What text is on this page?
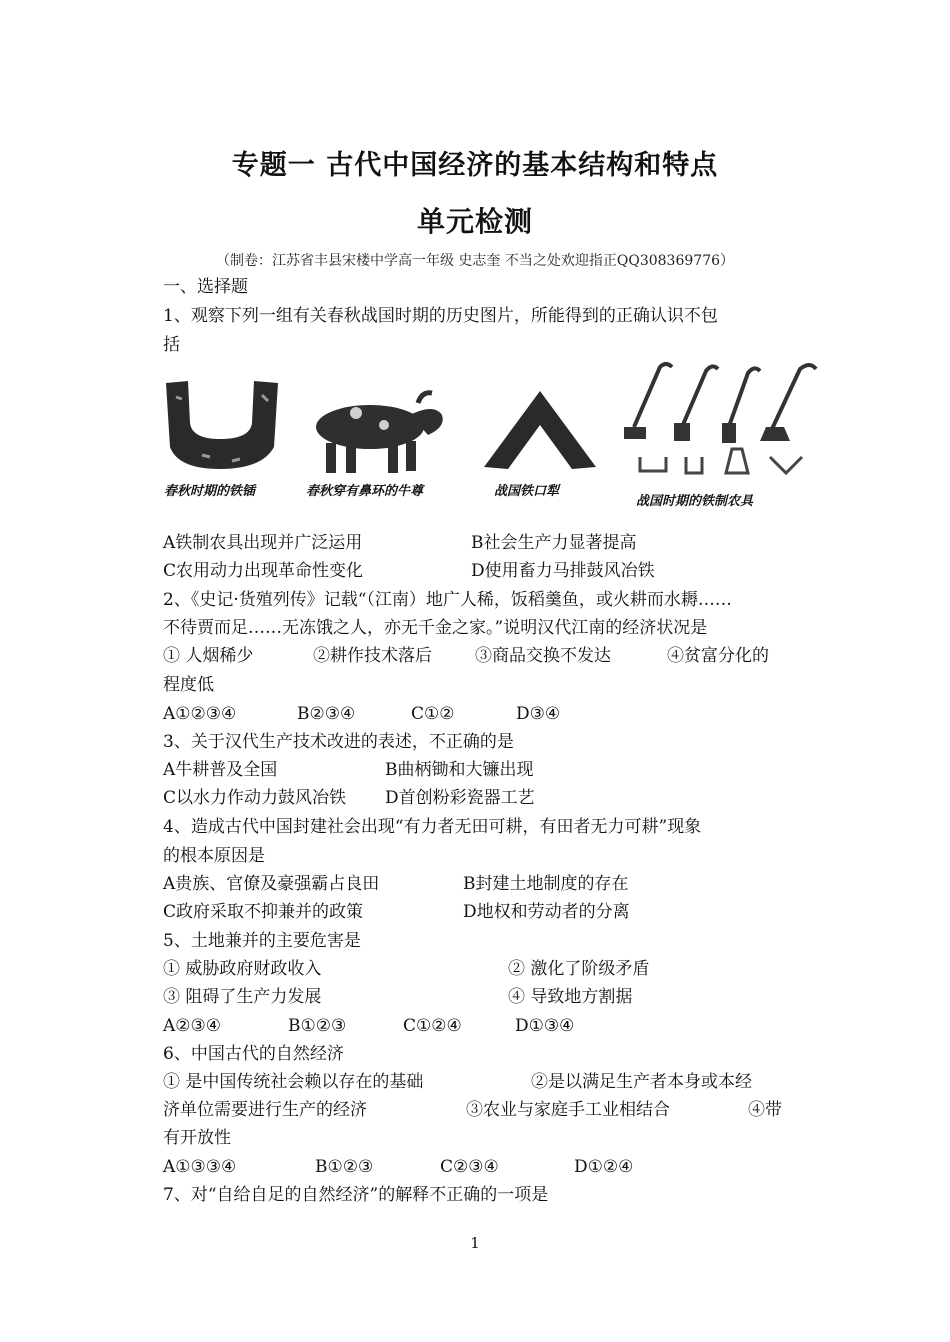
专题一 古代中国经济的基本结构和特点
单元检测
（制卷：江苏省丰县宋楼中学高一年级 史志奎 不当之处欢迎指正QQ308369776）
一、选择题
1、观察下列一组有关春秋战国时期的历史图片，所能得到的正确认识不包
括
春秋时期的铁锸	春秋穿有鼻环的牛尊	战国铁口犁
战国时期的铁制农具
A铁制农具出现并广泛运用	B社会生产力显著提高
C农用动力出现革命性变化	D使用畜力马排鼓风冶铁
2、《史记·货殖列传》记载“（江南）地广人稀，饭稻羹鱼，或火耕而水耨……
不待贾而足……无冻饿之人，亦无千金之家。”说明汉代江南的经济状况是
① 人烟稀少	②耕作技术落后	③商品交换不发达	④贫富分化的
程度低
A①②③④	B②③④	C①②	D③④
3、关于汉代生产技术改进的表述，不正确的是
A牛耕普及全国	B曲柄锄和大镰出现
C以水力作动力鼓风冶铁 D首创粉彩瓷器工艺
4、造成古代中国封建社会出现“有力者无田可耕，有田者无力可耕”现象
的根本原因是
A贵族、官僚及豪强霸占良田	B封建土地制度的存在
C政府采取不抑兼并的政策	D地权和劳动者的分离
5、土地兼并的主要危害是
① 威胁政府财政收入	② 激化了阶级矛盾
③ 阻碍了生产力发展	④ 导致地方割据
A②③④	B①②③	C①②④	D①③④
6、中国古代的自然经济
① 是中国传统社会赖以存在的基础	②是以满足生产者本身或本经
济单位需要进行生产的经济	③农业与家庭手工业相结合	④带
有开放性
A①③③④	B①②③	C②③④	D①②④
7、对“自给自足的自然经济”的解释不正确的一项是
1
